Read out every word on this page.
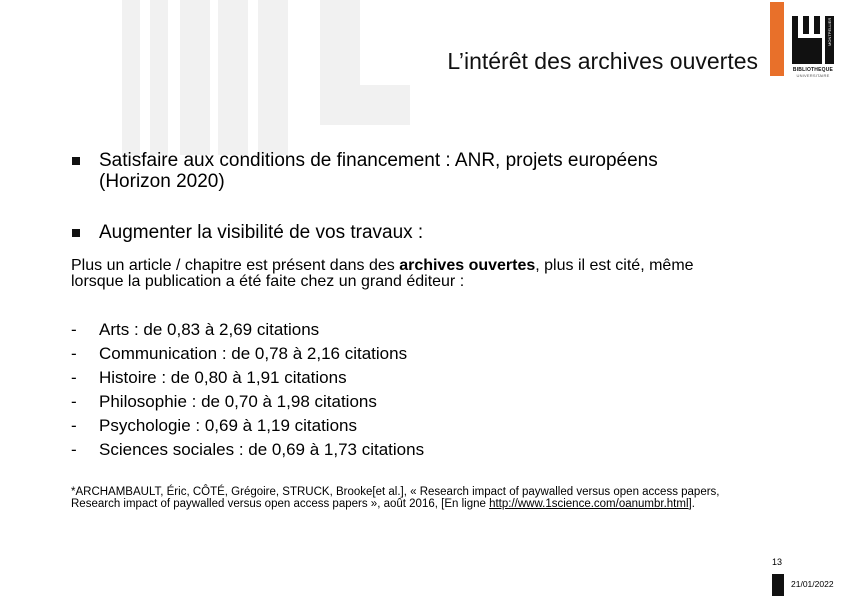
L’intérêt des archives ouvertes
MONTPELLIER
BIBLIOTHEQUE
UNIVERSITAIRE
Satisfaire aux conditions de financement : ANR, projets européens (Horizon 2020)
Augmenter la visibilité de vos travaux :
Plus un article / chapitre est présent dans des archives ouvertes, plus il est cité, même lorsque la publication a été faite chez un grand éditeur :
- Arts : de 0,83 à 2,69 citations
- Communication : de 0,78 à 2,16 citations
- Histoire : de 0,80 à 1,91 citations
- Philosophie : de 0,70 à 1,98 citations
- Psychologie : 0,69 à 1,19 citations
- Sciences sociales : de 0,69 à 1,73 citations
*ARCHAMBAULT, Éric, CÔTÉ, Grégoire, STRUCK, Brooke[et al.], « Research impact of paywalled versus open access papers, Research impact of paywalled versus open access papers », août 2016, [En ligne http://www.1science.com/oanumbr.html].
13
21/01/2022
